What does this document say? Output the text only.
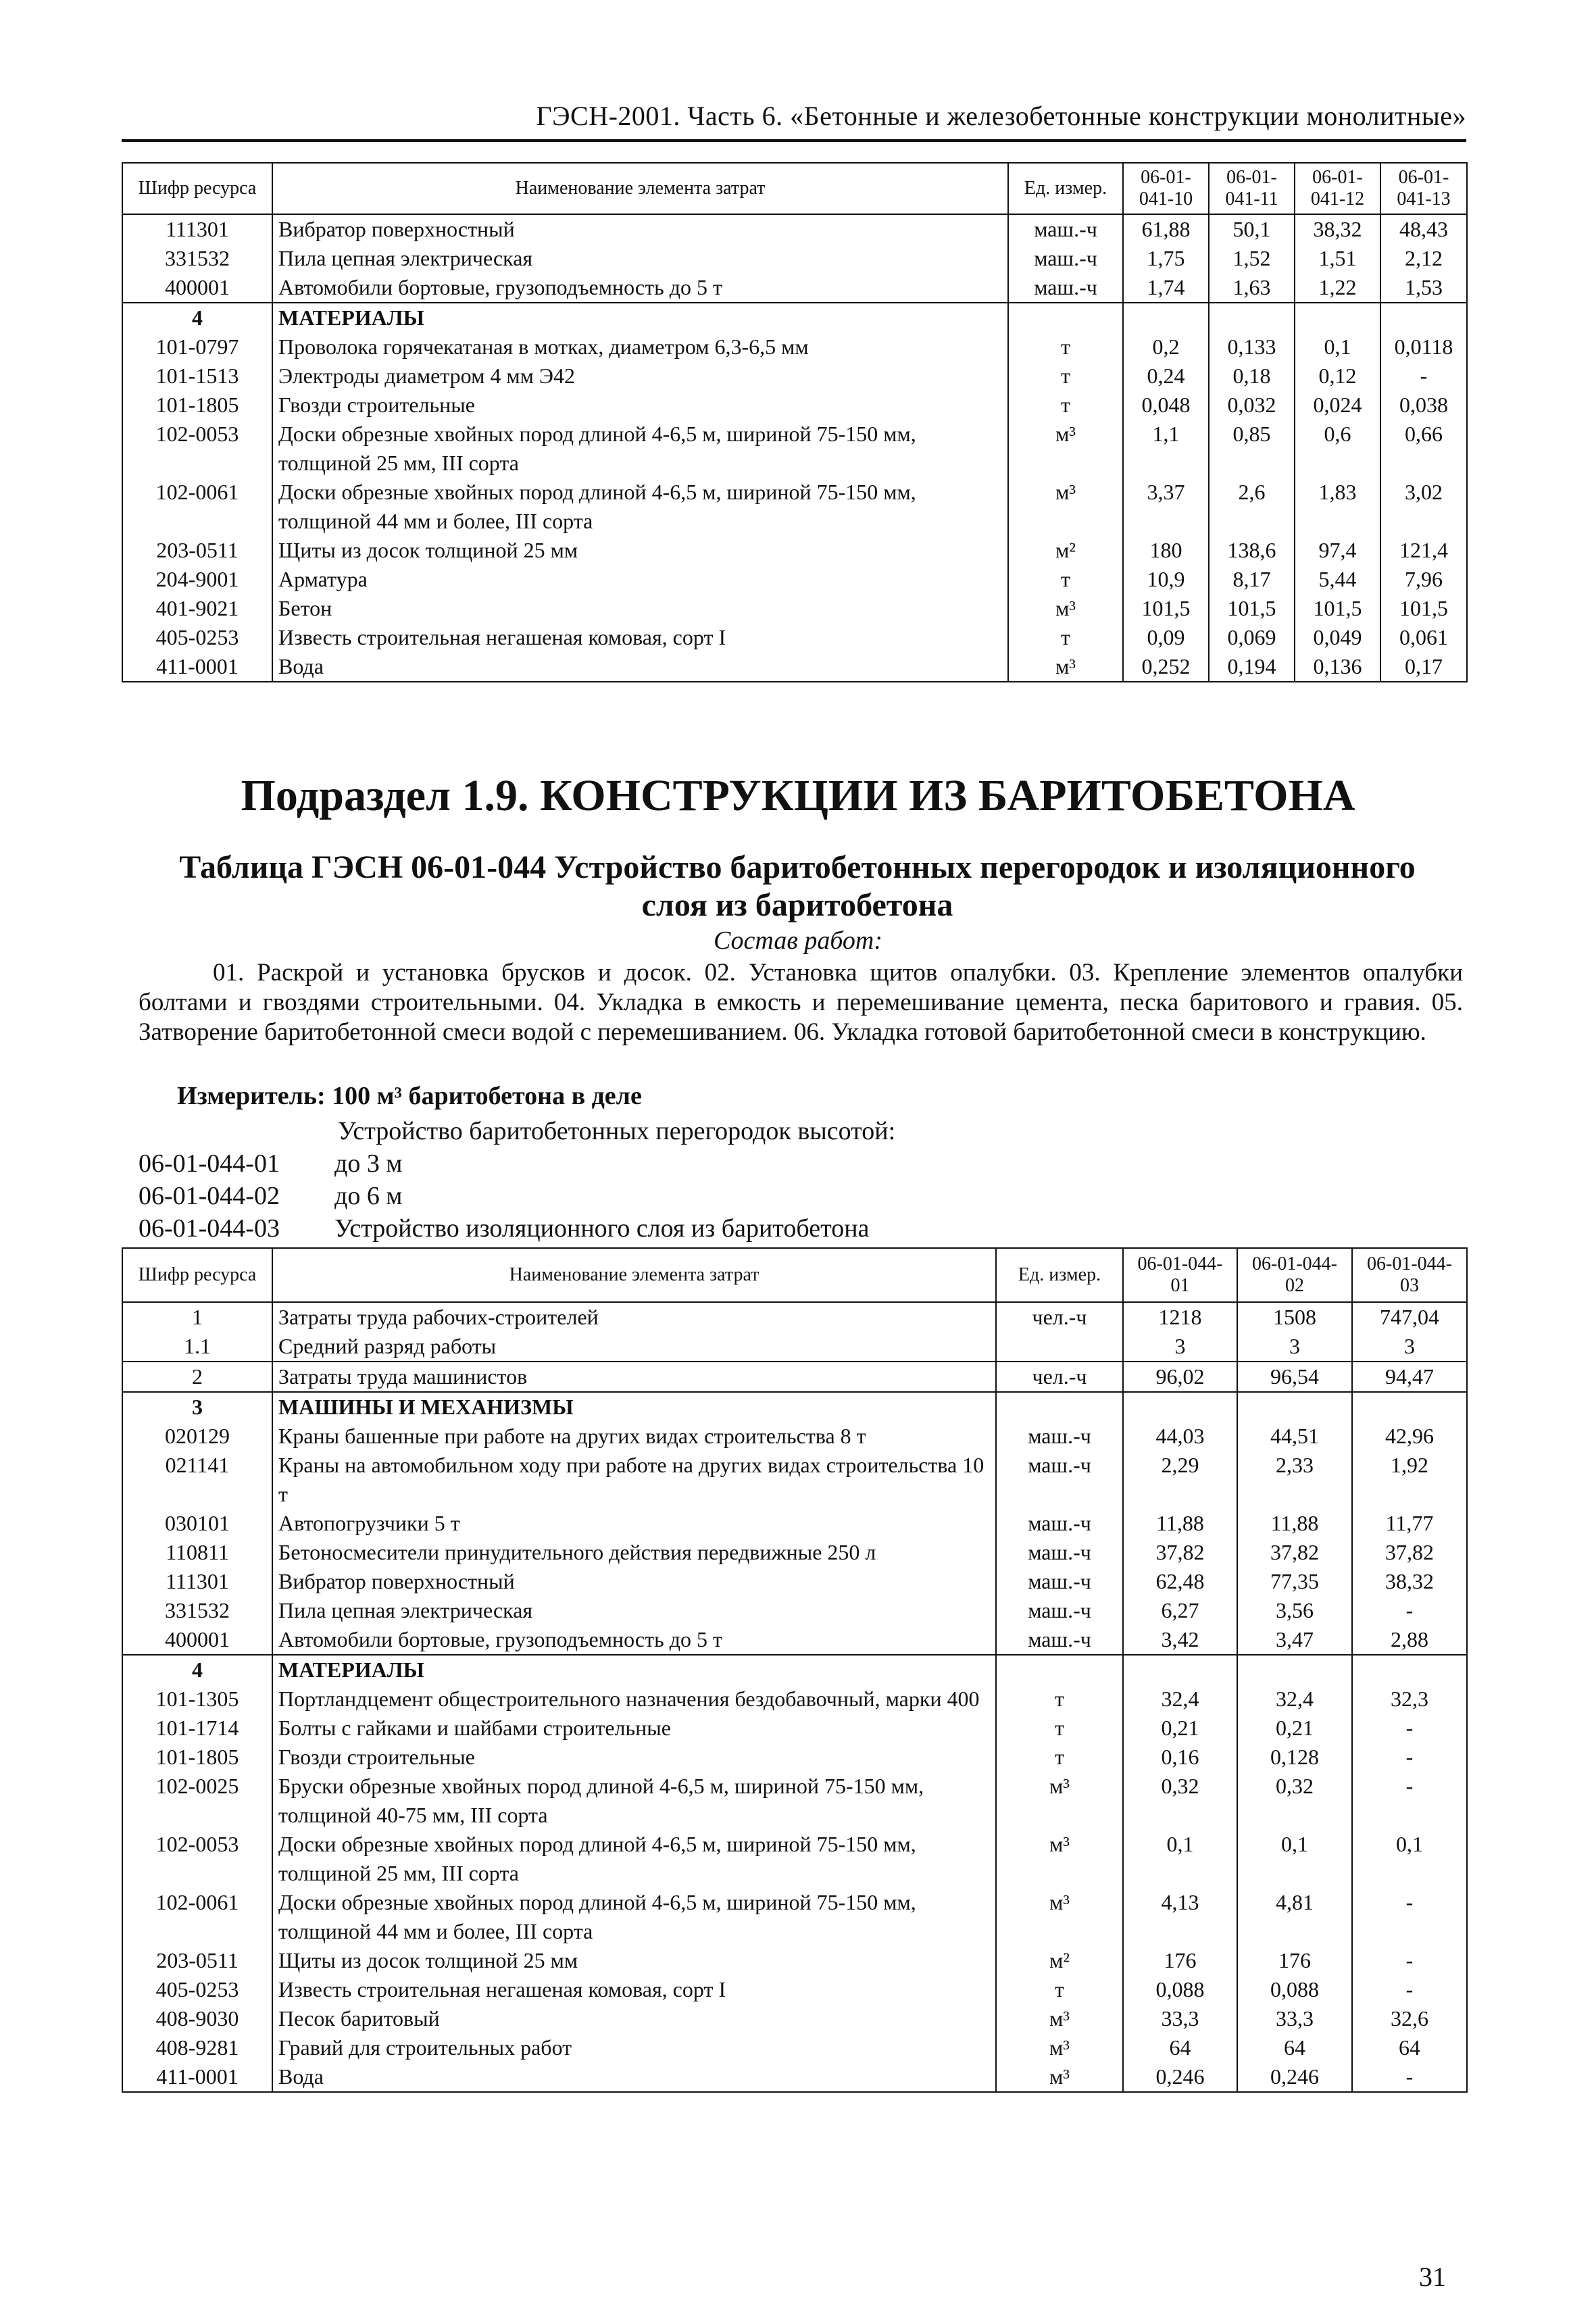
ГЭСН-2001. Часть 6. «Бетонные и железобетонные конструкции монолитные»
Шифр ресурса	Наименование элемента затрат	Ед. измер.	06-01-041-10	06-01-041-11	06-01-041-12	06-01-041-13
111301	Вибратор поверхностный	маш.-ч	61,88	50,1	38,32	48,43
331532	Пила цепная электрическая	маш.-ч	1,75	1,52	1,51	2,12
400001	Автомобили бортовые, грузоподъемность до 5 т	маш.-ч	1,74	1,63	1,22	1,53
4	МАТЕРИАЛЫ					
101-0797	Проволока горячекатаная в мотках, диаметром 6,3-6,5 мм	т	0,2	0,133	0,1	0,0118
101-1513	Электроды диаметром 4 мм Э42	т	0,24	0,18	0,12	-
101-1805	Гвозди строительные	т	0,048	0,032	0,024	0,038
102-0053	Доски обрезные хвойных пород длиной 4-6,5 м, шириной 75-150 мм, толщиной 25 мм, III сорта	м³	1,1	0,85	0,6	0,66
102-0061	Доски обрезные хвойных пород длиной 4-6,5 м, шириной 75-150 мм, толщиной 44 мм и более, III сорта	м³	3,37	2,6	1,83	3,02
203-0511	Щиты из досок толщиной 25 мм	м²	180	138,6	97,4	121,4
204-9001	Арматура	т	10,9	8,17	5,44	7,96
401-9021	Бетон	м³	101,5	101,5	101,5	101,5
405-0253	Известь строительная негашеная комовая, сорт I	т	0,09	0,069	0,049	0,061
411-0001	Вода	м³	0,252	0,194	0,136	0,17
Подраздел 1.9. КОНСТРУКЦИИ ИЗ БАРИТОБЕТОНА
Таблица ГЭСН 06-01-044 Устройство баритобетонных перегородок и изоляционного слоя из баритобетона
Состав работ:
01. Раскрой и установка брусков и досок. 02. Установка щитов опалубки. 03. Крепление элементов опалубки болтами и гвоздями строительными. 04. Укладка в емкость и перемешивание цемента, песка баритового и гравия. 05. Затворение баритобетонной смеси водой с перемешиванием. 06. Укладка готовой баритобетонной смеси в конструкцию.
Измеритель: 100 м³ баритобетона в деле
Устройство баритобетонных перегородок высотой:
06-01-044-01 до 3 м
06-01-044-02 до 6 м
06-01-044-03 Устройство изоляционного слоя из баритобетона
Шифр ресурса	Наименование элемента затрат	Ед. измер.	06-01-044-01	06-01-044-02	06-01-044-03
1	Затраты труда рабочих-строителей	чел.-ч	1218	1508	747,04
1.1	Средний разряд работы		3	3	3
2	Затраты труда машинистов	чел.-ч	96,02	96,54	94,47
3	МАШИНЫ И МЕХАНИЗМЫ				
020129	Краны башенные при работе на других видах строительства 8 т	маш.-ч	44,03	44,51	42,96
021141	Краны на автомобильном ходу при работе на других видах строительства 10 т	маш.-ч	2,29	2,33	1,92
030101	Автопогрузчики 5 т	маш.-ч	11,88	11,88	11,77
110811	Бетоносмесители принудительного действия передвижные 250 л	маш.-ч	37,82	37,82	37,82
111301	Вибратор поверхностный	маш.-ч	62,48	77,35	38,32
331532	Пила цепная электрическая	маш.-ч	6,27	3,56	-
400001	Автомобили бортовые, грузоподъемность до 5 т	маш.-ч	3,42	3,47	2,88
4	МАТЕРИАЛЫ				
101-1305	Портландцемент общестроительного назначения бездобавочный, марки 400	т	32,4	32,4	32,3
101-1714	Болты с гайками и шайбами строительные	т	0,21	0,21	-
101-1805	Гвозди строительные	т	0,16	0,128	-
102-0025	Бруски обрезные хвойных пород длиной 4-6,5 м, шириной 75-150 мм, толщиной 40-75 мм, III сорта	м³	0,32	0,32	-
102-0053	Доски обрезные хвойных пород длиной 4-6,5 м, шириной 75-150 мм, толщиной 25 мм, III сорта	м³	0,1	0,1	0,1
102-0061	Доски обрезные хвойных пород длиной 4-6,5 м, шириной 75-150 мм, толщиной 44 мм и более, III сорта	м³	4,13	4,81	-
203-0511	Щиты из досок толщиной 25 мм	м²	176	176	-
405-0253	Известь строительная негашеная комовая, сорт I	т	0,088	0,088	-
408-9030	Песок баритовый	м³	33,3	33,3	32,6
408-9281	Гравий для строительных работ	м³	64	64	64
411-0001	Вода	м³	0,246	0,246	-
31
